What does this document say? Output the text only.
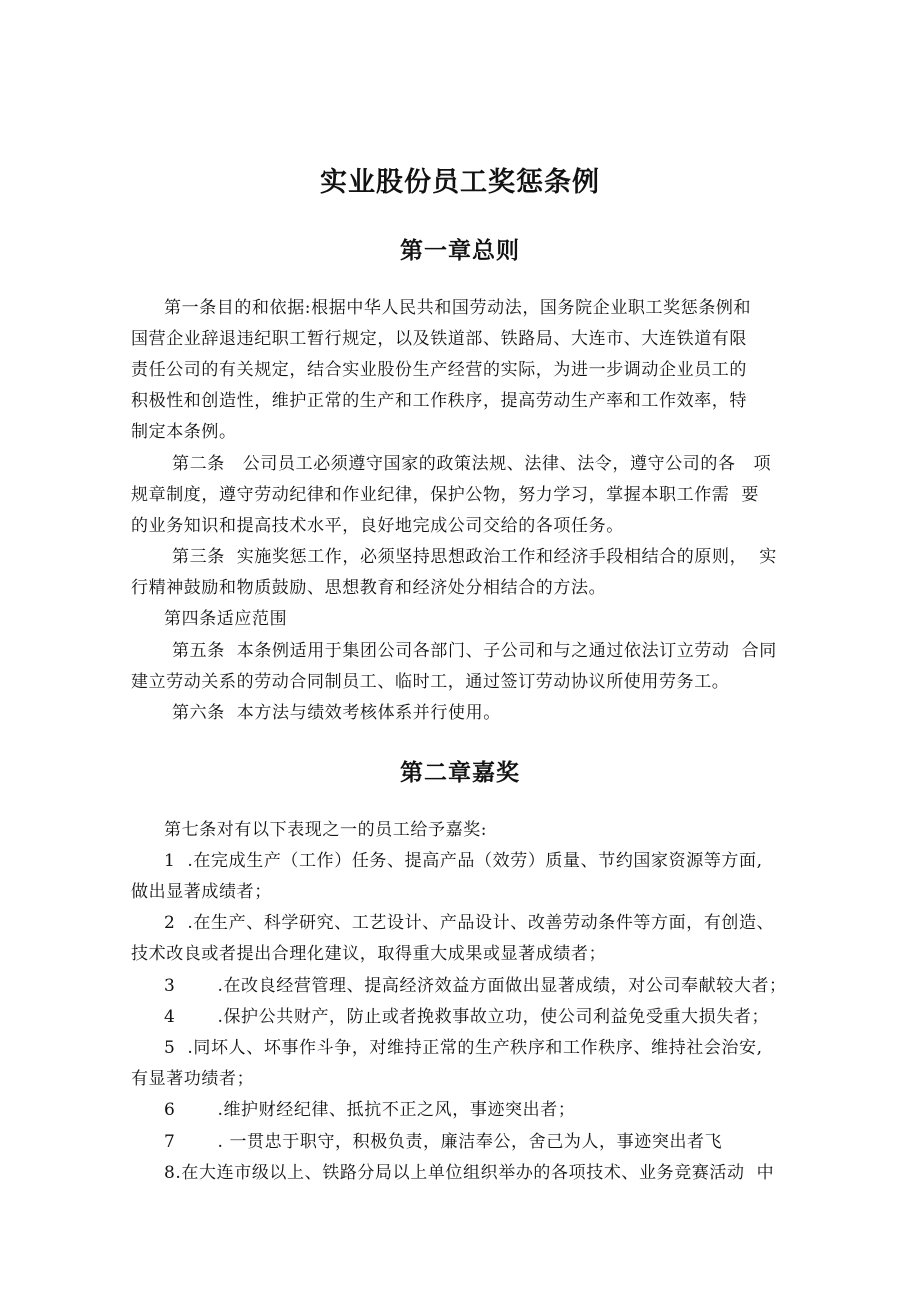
实业股份员工奖惩条例
第一章总则
第一条目的和依据:根据中华人民共和国劳动法，国务院企业职工奖惩条例和
国营企业辞退违纪职工暂行规定，以及铁道部、铁路局、大连市、大连铁道有限
责任公司的有关规定，结合实业股份生产经营的实际，为进一步调动企业员工的
积极性和创造性，维护正常的生产和工作秩序，提高劳动生产率和工作效率，特
制定本条例。
第二条   公司员工必须遵守国家的政策法规、法律、法令，遵守公司的各   项
规章制度，遵守劳动纪律和作业纪律，保护公物，努力学习，掌握本职工作需  要
的业务知识和提高技术水平，良好地完成公司交给的各项任务。
第三条  实施奖惩工作，必须坚持思想政治工作和经济手段相结合的原则，  实
行精神鼓励和物质鼓励、思想教育和经济处分相结合的方法。
第四条适应范围
第五条  本条例适用于集团公司各部门、子公司和与之通过依法订立劳动  合同
建立劳动关系的劳动合同制员工、临时工，通过签订劳动协议所使用劳务工。
第六条  本方法与绩效考核体系并行使用。
第二章嘉奖
第七条对有以下表现之一的员工给予嘉奖:
1  .在完成生产（工作）任务、提高产品（效劳）质量、节约国家资源等方面,
做出显著成绩者；
2  .在生产、科学研究、工艺设计、产品设计、改善劳动条件等方面，有创造、
技术改良或者提出合理化建议，取得重大成果或显著成绩者；
3       .在改良经营管理、提高经济效益方面做出显著成绩，对公司奉献较大者；
4       .保护公共财产，防止或者挽救事故立功，使公司利益免受重大损失者；
5  .同坏人、坏事作斗争，对维持正常的生产秩序和工作秩序、维持社会治安,
有显著功绩者；
6       .维护财经纪律、抵抗不正之风，事迹突出者；
7       . 一贯忠于职守，积极负责，廉洁奉公，舍己为人，事迹突出者飞
8.在大连市级以上、铁路分局以上单位组织举办的各项技术、业务竞赛活动  中
